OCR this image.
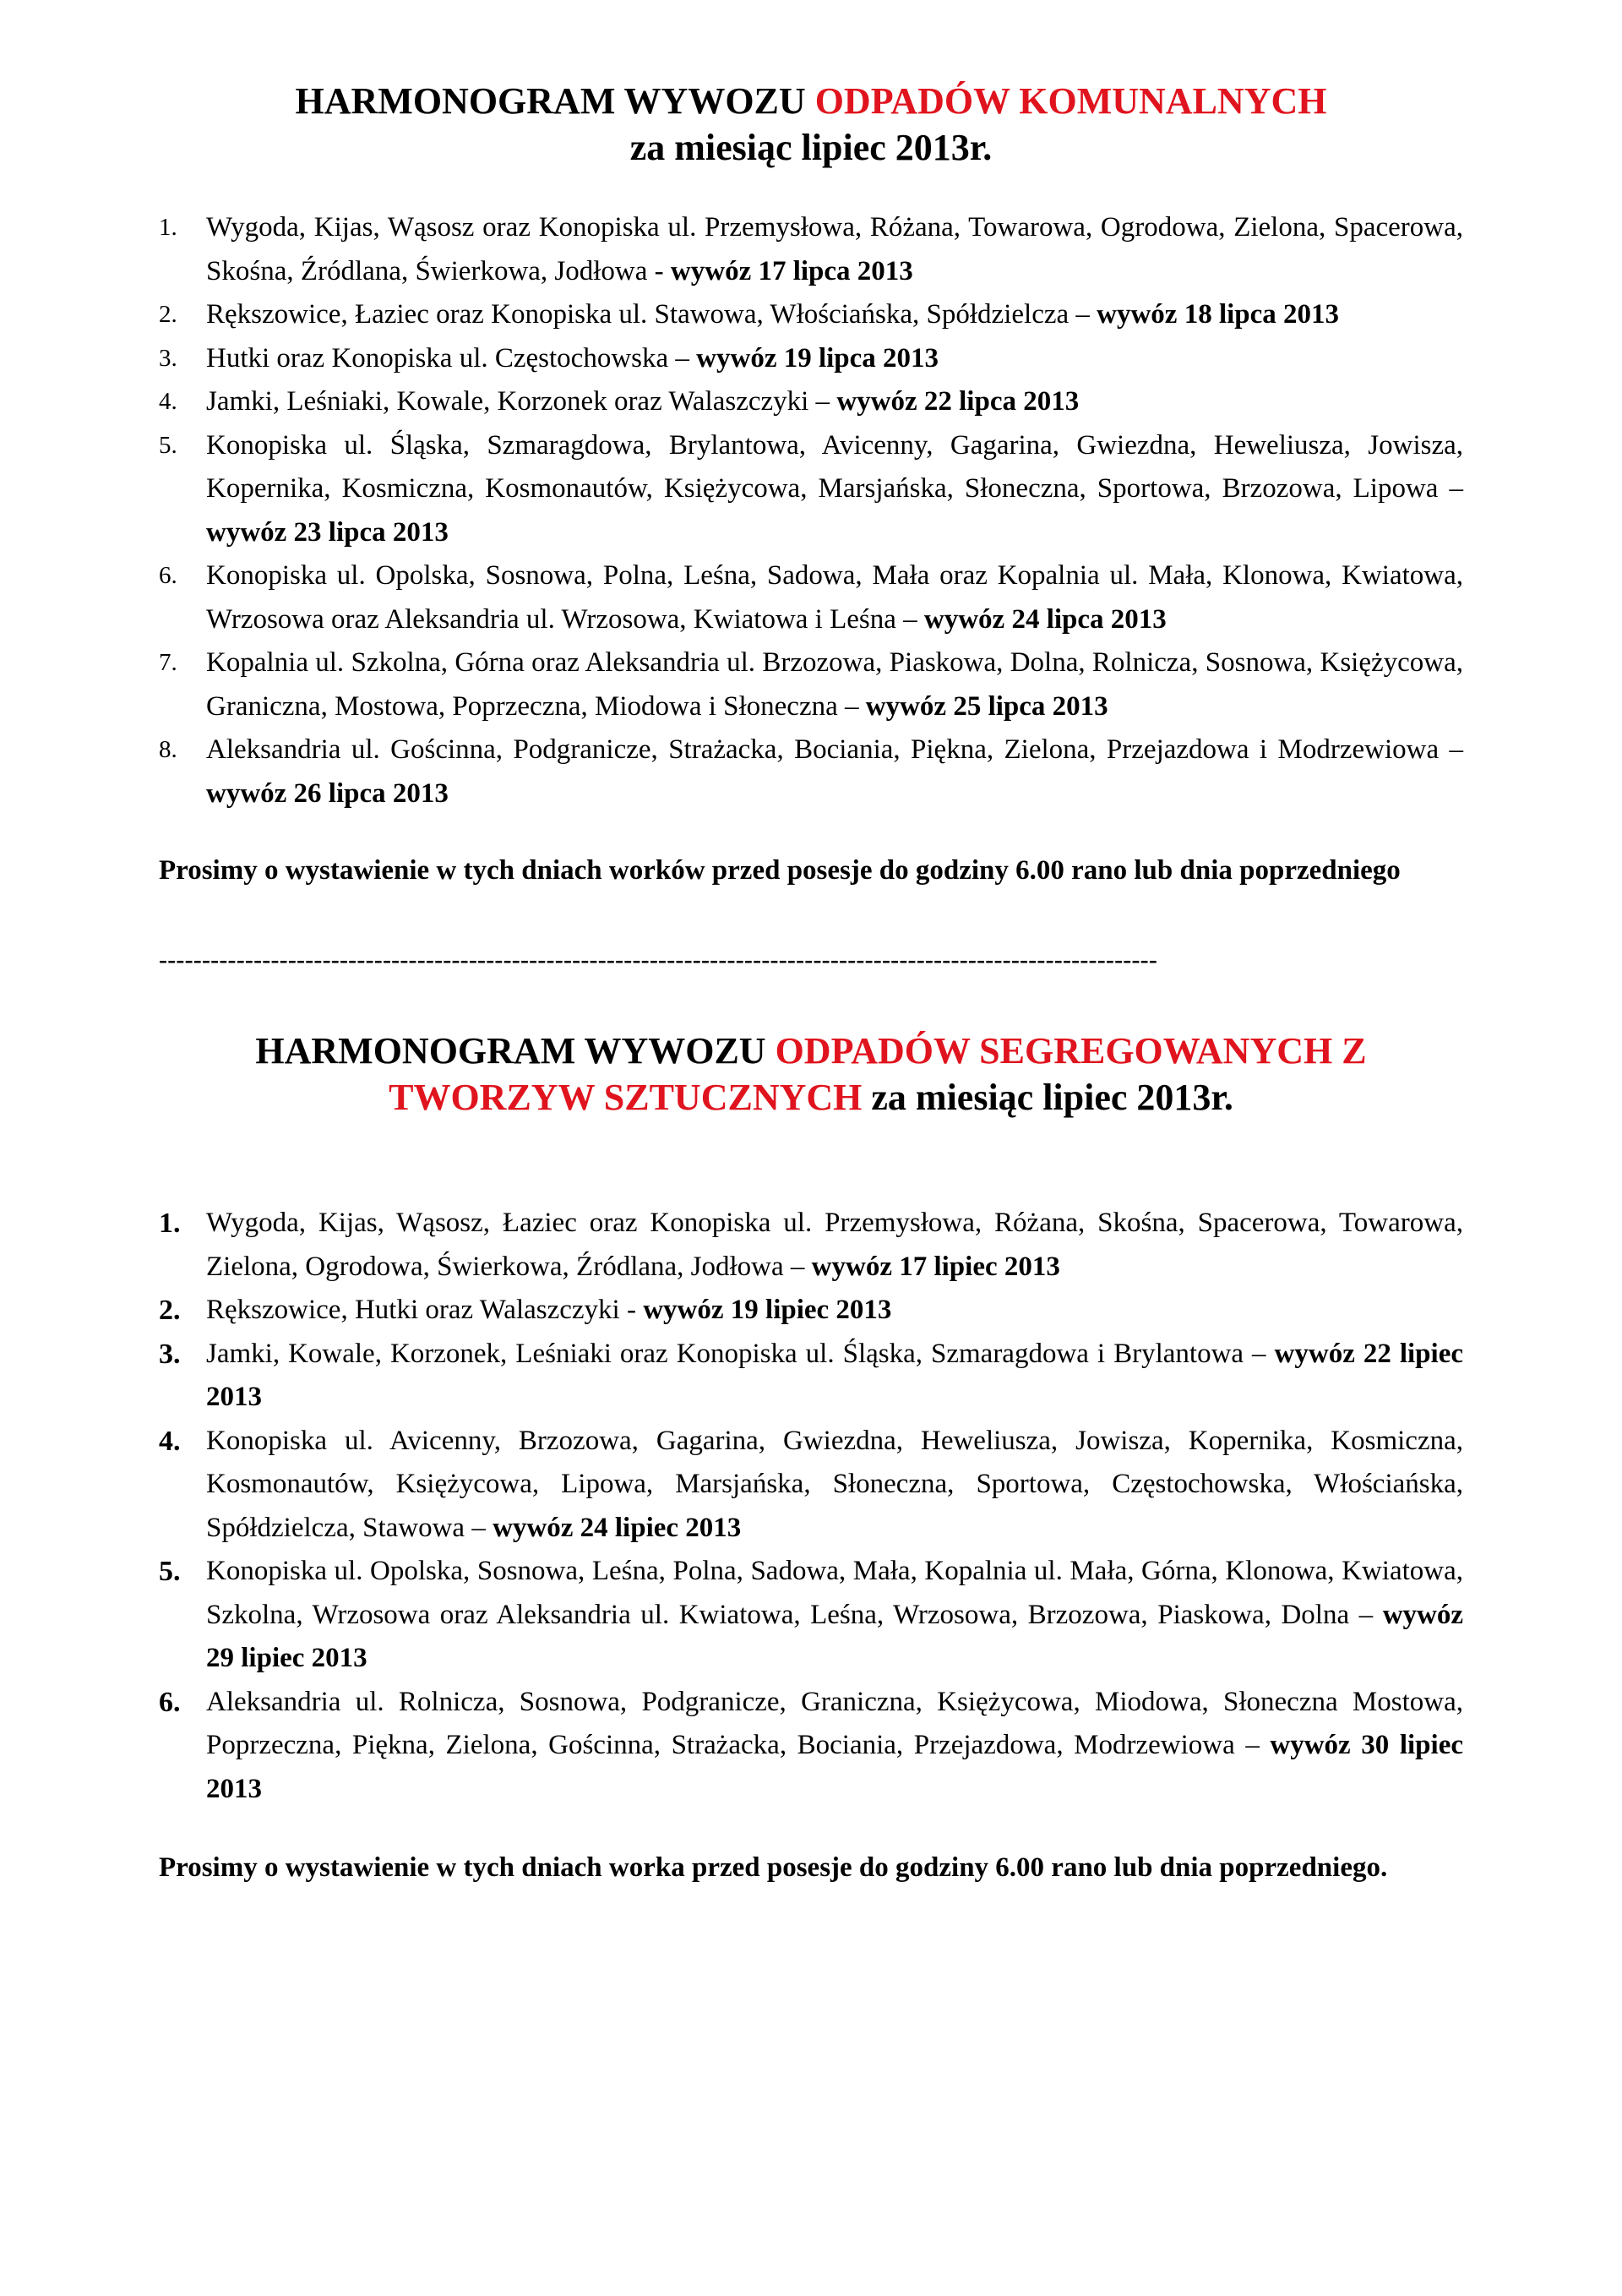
HARMONOGRAM WYWOZU ODPADÓW KOMUNALNYCH
za miesiąc lipiec 2013r.
1. Wygoda, Kijas, Wąsosz oraz Konopiska ul. Przemysłowa, Różana, Towarowa, Ogrodowa, Zielona, Spacerowa, Skośna, Źródlana, Świerkowa, Jodłowa - wywóz 17 lipca 2013
2. Rększowice, Łaziec oraz Konopiska ul. Stawowa, Włościańska, Spółdzielcza – wywóz 18 lipca 2013
3. Hutki oraz Konopiska ul. Częstochowska – wywóz 19 lipca 2013
4. Jamki, Leśniaki, Kowale, Korzonek oraz Walaszczyki – wywóz 22 lipca 2013
5. Konopiska ul. Śląska, Szmaragdowa, Brylantowa, Avicenny, Gagarina, Gwiezdna, Heweliusza, Jowisza, Kopernika, Kosmiczna, Kosmonautów, Księżycowa, Marsjańska, Słoneczna, Sportowa, Brzozowa, Lipowa – wywóz 23 lipca 2013
6. Konopiska ul. Opolska, Sosnowa, Polna, Leśna, Sadowa, Mała oraz Kopalnia ul. Mała, Klonowa, Kwiatowa, Wrzosowa oraz Aleksandria ul. Wrzosowa, Kwiatowa i Leśna – wywóz 24 lipca 2013
7. Kopalnia ul. Szkolna, Górna oraz Aleksandria ul. Brzozowa, Piaskowa, Dolna, Rolnicza, Sosnowa, Księżycowa, Graniczna, Mostowa, Poprzeczna, Miodowa i Słoneczna – wywóz 25 lipca 2013
8. Aleksandria ul. Gościnna, Podgranicze, Strażacka, Bociania, Piękna, Zielona, Przejazdowa i Modrzewiowa – wywóz 26 lipca 2013

Prosimy o wystawienie w tych dniach worków przed posesje do godziny 6.00 rano lub dnia poprzedniego

--------------------------------------------------------------------------------------------------------------------
HARMONOGRAM WYWOZU ODPADÓW SEGREGOWANYCH Z TWORZYW SZTUCZNYCH za miesiąc lipiec 2013r.
1. Wygoda, Kijas, Wąsosz, Łaziec oraz Konopiska ul. Przemysłowa, Różana, Skośna, Spacerowa, Towarowa, Zielona, Ogrodowa, Świerkowa, Źródlana, Jodłowa – wywóz 17 lipiec 2013
2. Rększowice, Hutki oraz Walaszczyki - wywóz 19 lipiec 2013
3. Jamki, Kowale, Korzonek, Leśniaki oraz Konopiska ul. Śląska, Szmaragdowa i Brylantowa – wywóz 22 lipiec 2013
4. Konopiska ul. Avicenny, Brzozowa, Gagarina, Gwiezdna, Heweliusza, Jowisza, Kopernika, Kosmiczna, Kosmonautów, Księżycowa, Lipowa, Marsjańska, Słoneczna, Sportowa, Częstochowska, Włościańska, Spółdzielcza, Stawowa – wywóz 24 lipiec 2013
5. Konopiska ul. Opolska, Sosnowa, Leśna, Polna, Sadowa, Mała, Kopalnia ul. Mała, Górna, Klonowa, Kwiatowa, Szkolna, Wrzosowa oraz Aleksandria ul. Kwiatowa, Leśna, Wrzosowa, Brzozowa, Piaskowa, Dolna – wywóz 29 lipiec 2013
6. Aleksandria ul. Rolnicza, Sosnowa, Podgranicze, Graniczna, Księżycowa, Miodowa, Słoneczna Mostowa, Poprzeczna, Piękna, Zielona, Gościnna, Strażacka, Bociania, Przejazdowa, Modrzewiowa – wywóz 30 lipiec 2013

Prosimy o wystawienie w tych dniach worka przed posesje do godziny 6.00 rano lub dnia poprzedniego.
